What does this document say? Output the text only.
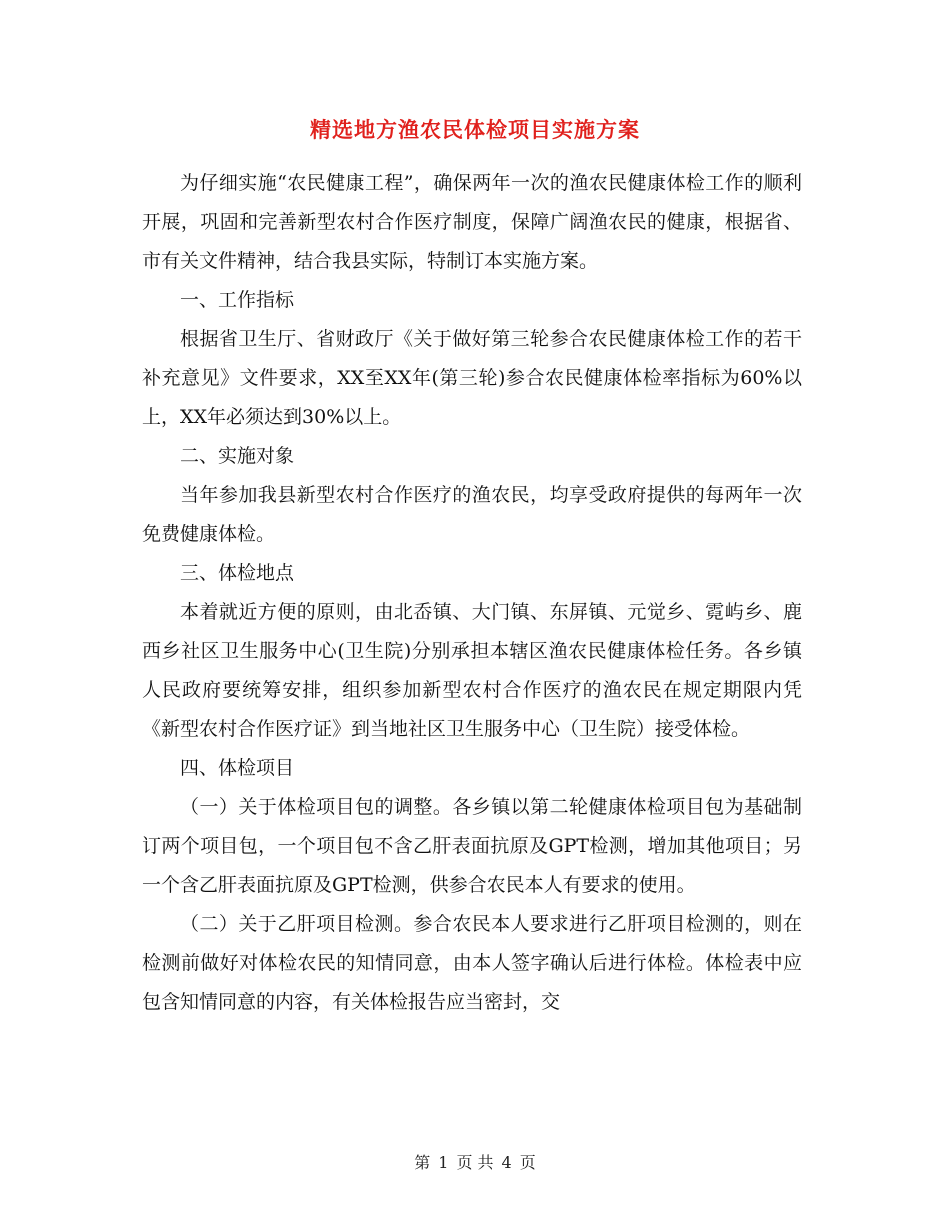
精选地方渔农民体检项目实施方案

为仔细实施“农民健康工程”，确保两年一次的渔农民健康体检工作的顺利开展，巩固和完善新型农村合作医疗制度，保障广阔渔农民的健康，根据省、市有关文件精神，结合我县实际，特制订本实施方案。

一、工作指标

根据省卫生厅、省财政厅《关于做好第三轮参合农民健康体检工作的若干补充意见》文件要求，XX至XX年(第三轮)参合农民健康体检率指标为60%以上，XX年必须达到30%以上。

二、实施对象

当年参加我县新型农村合作医疗的渔农民，均享受政府提供的每两年一次免费健康体检。

三、体检地点

本着就近方便的原则，由北岙镇、大门镇、东屏镇、元觉乡、霓屿乡、鹿西乡社区卫生服务中心(卫生院)分别承担本辖区渔农民健康体检任务。各乡镇人民政府要统筹安排，组织参加新型农村合作医疗的渔农民在规定期限内凭《新型农村合作医疗证》到当地社区卫生服务中心（卫生院）接受体检。

四、体检项目

（一）关于体检项目包的调整。各乡镇以第二轮健康体检项目包为基础制订两个项目包，一个项目包不含乙肝表面抗原及GPT检测，增加其他项目；另一个含乙肝表面抗原及GPT检测，供参合农民本人有要求的使用。

（二）关于乙肝项目检测。参合农民本人要求进行乙肝项目检测的，则在检测前做好对体检农民的知情同意，由本人签字确认后进行体检。体检表中应包含知情同意的内容，有关体检报告应当密封，交

第 1 页 共 4 页
